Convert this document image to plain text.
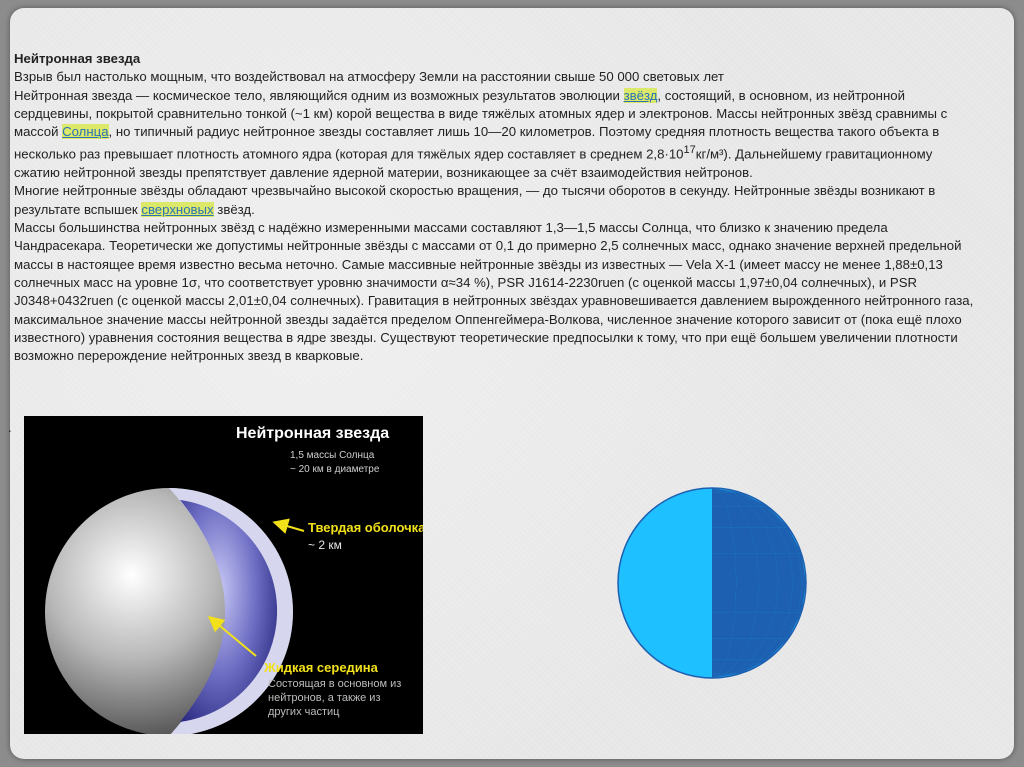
Нейтронная звезда

Взрыв был настолько мощным, что воздействовал на атмосферу Земли на расстоянии свыше 50 000 световых лет

Нейтронная звезда — космическое тело, являющийся одним из возможных результатов эволюции звёзд, состоящий, в основном, из нейтронной сердцевины, покрытой сравнительно тонкой (~1 км) корой вещества в виде тяжёлых атомных ядер и электронов. Массы нейтронных звёзд сравнимы с массой Солнца, но типичный радиус нейтронное звезды составляет лишь 10—20 километров. Поэтому средняя плотность вещества такого объекта в несколько раз превышает плотность атомного ядра (которая для тяжёлых ядер составляет в среднем $2,8\cdot 10^{17}кг/м^3$). Дальнейшему гравитационному сжатию нейтронной звезды препятствует давление ядерной материи, возникающее за счёт взаимодействия нейтронов.

Многие нейтронные звёзды обладают чрезвычайно высокой скоростью вращения, — до тысячи оборотов в секунду. Нейтронные звёзды возникают в результате вспышек сверхновых звёзд.

Массы большинства нейтронных звёзд с надёжно измеренными массами составляют 1,3—1,5 массы Солнца, что близко к значению предела Чандрасекара. Теоретически же допустимы нейтронные звёзды с массами от 0,1 до примерно 2,5 солнечных масс, однако значение верхней предельной массы в настоящее время известно весьма неточно. Самые массивные нейтронные звёзды из известных — Vela X-1 (имеет массу не менее 1,88±0,13 солнечных масс на уровне 1σ, что соответствует уровню значимости α≈34 %), PSR J1614-2230ruen (с оценкой массы 1,97±0,04 солнечных), и PSR J0348+0432ruen (с оценкой массы 2,01±0,04 солнечных). Гравитация в нейтронных звёздах уравновешивается давлением вырожденного нейтронного газа, максимальное значение массы нейтронной звезды задаётся пределом Оппенгеймера-Волкова, численное значение которого зависит от (пока ещё плохо известного) уравнения состояния вещества в ядре звезды. Существуют теоретические предпосылки к тому, что при ещё большем увеличении плотности возможно перерождение нейтронных звезд в кварковые.

.	Нейтронная звезда
1,5 массы Солнца
~ 20 км в диаметре
Твердая оболочка
~ 2 км
Жидкая середина
Состоящая в основном из
нейтронов, а также из
других частиц
